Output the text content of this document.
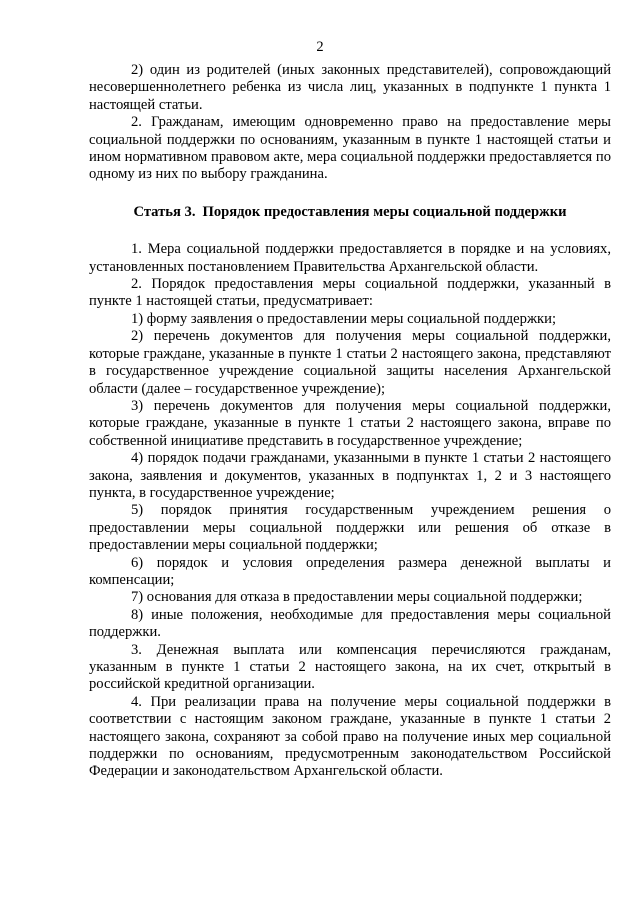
2

2) один из родителей (иных законных представителей), сопровождающий несовершеннолетнего ребенка из числа лиц, указанных в подпункте 1 пункта 1 настоящей статьи.

2. Гражданам, имеющим одновременно право на предоставление меры социальной поддержки по основаниям, указанным в пункте 1 настоящей статьи и ином нормативном правовом акте, мера социальной поддержки предоставляется по одному из них по выбору гражданина.

Статья 3. Порядок предоставления меры социальной поддержки

1. Мера социальной поддержки предоставляется в порядке и на условиях, установленных постановлением Правительства Архангельской области.

2. Порядок предоставления меры социальной поддержки, указанный в пункте 1 настоящей статьи, предусматривает:

1) форму заявления о предоставлении меры социальной поддержки;

2) перечень документов для получения меры социальной поддержки, которые граждане, указанные в пункте 1 статьи 2 настоящего закона, представляют в государственное учреждение социальной защиты населения Архангельской области (далее – государственное учреждение);

3) перечень документов для получения меры социальной поддержки, которые граждане, указанные в пункте 1 статьи 2 настоящего закона, вправе по собственной инициативе представить в государственное учреждение;

4) порядок подачи гражданами, указанными в пункте 1 статьи 2 настоящего закона, заявления и документов, указанных в подпунктах 1, 2 и 3 настоящего пункта, в государственное учреждение;

5) порядок принятия государственным учреждением решения о предоставлении меры социальной поддержки или решения об отказе в предоставлении меры социальной поддержки;

6) порядок и условия определения размера денежной выплаты и компенсации;

7) основания для отказа в предоставлении меры социальной поддержки;

8) иные положения, необходимые для предоставления меры социальной поддержки.

3. Денежная выплата или компенсация перечисляются гражданам, указанным в пункте 1 статьи 2 настоящего закона, на их счет, открытый в российской кредитной организации.

4. При реализации права на получение меры социальной поддержки в соответствии с настоящим законом граждане, указанные в пункте 1 статьи 2 настоящего закона, сохраняют за собой право на получение иных мер социальной поддержки по основаниям, предусмотренным законодательством Российской Федерации и законодательством Архангельской области.
